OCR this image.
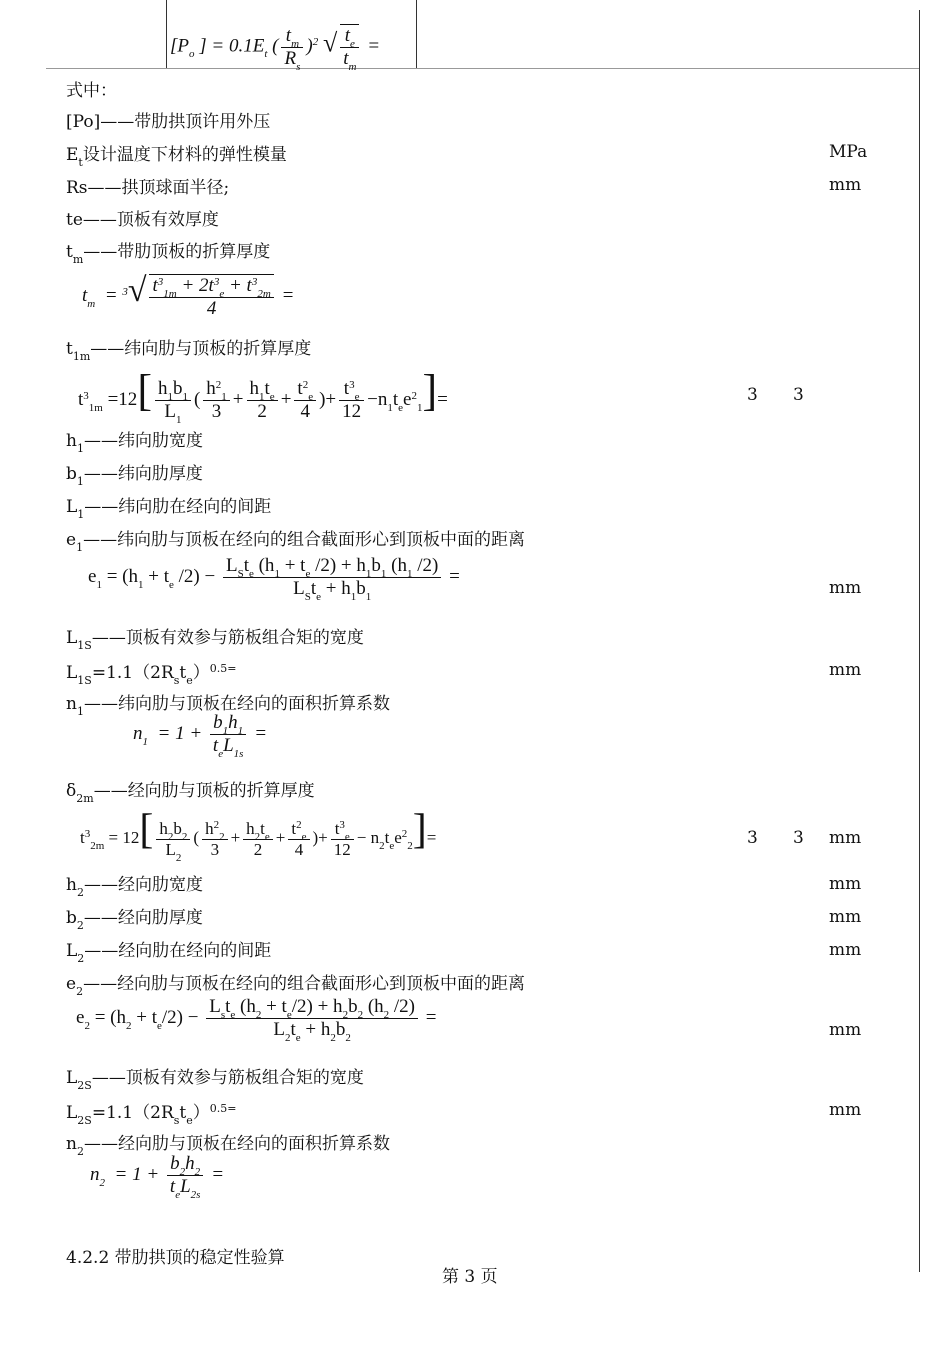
[$P_o$ ] = $0.1E_t$ ( $\frac{t_m}{R_s} )^2$ √ $\frac{t_e}{t_m}$ =
式中：
[Po]——带肋拱顶许用外压
$E_t$设计温度下材料的弹性模量	MPa
Rs——拱顶球面半径;	mm
te——顶板有效厚度
$t_m——$带肋顶板的折算厚度
$t_m = ^3√ \frac{t^3_{1m} + 2t^3_e + t^3_{2m}}{4}$ =
$t_{1m}——$纬向肋与顶板的折算厚度
$t^3_{1m} =12[ \frac{h_1b_1}{L_1}$ ( $\frac{h^2_1}{3} + \frac{h_1t_e}{2} + \frac{t^2_e}{4}$ )+ $\frac{t^3_e}{12} -n_1t_ee^2_1]=$	3 3
$h_1——$纬向肋宽度
$b_1——$纬向肋厚度
$L_1——$纬向肋在经向的间距
$e_1——$纬向肋与顶板在经向的组合截面形心到顶板中面的距离
$e_1 = (h_1 + t_e$ $/2) - \frac{L_St_e (h_1 + t_e /2) + h_1b_1 (h_1 /2)}{L_St_e + h_1b_1}$ =
mm
$L_{1S}——$顶板有效参与筋板组合矩的宽度
$L_{1S}=1.1(2R_st_e)^{0.5=}$	mm
$n_1——$纬向肋与顶板在经向的面积折算系数
$n_1 = 1 + \frac{b_1h_1}{t_eL_{1s}}$ =
$\delta_{2m}——$经向肋与顶板的折算厚度
$t^3_{2m} = 12[ \frac{h_2b_2}{L_2}$ ( $\frac{h^2_2}{3} + \frac{h_2t_e}{2} + \frac{t^2_e}{4}$ )+ $\frac{t^3_e}{12} - n_2t_ee^2_2]=$	3 3 mm
$h_2——$经向肋宽度	mm
$b_2——$经向肋厚度	mm
$L_2——$经向肋在经向的间距	mm
$e_2——$经向肋与顶板在经向的组合截面形心到顶板中面的距离
$e_2 = (h_2 + t_e/2) - \frac{L_st_e (h_2 + t_e/2) + h_2b_2 (h_2 /2)}{L_2t_e + h_2b_2}$ =
mm
$L_{2S}——$顶板有效参与筋板组合矩的宽度
$L_{2S}=1.1(2R_st_e)^{0.5=}$	mm
$n_2——$经向肋与顶板在经向的面积折算系数
$n_2 = 1 + \frac{b_2h_2}{t_eL_{2s}}$ =
4.2.2 带肋拱顶的稳定性验算
第 3 页
